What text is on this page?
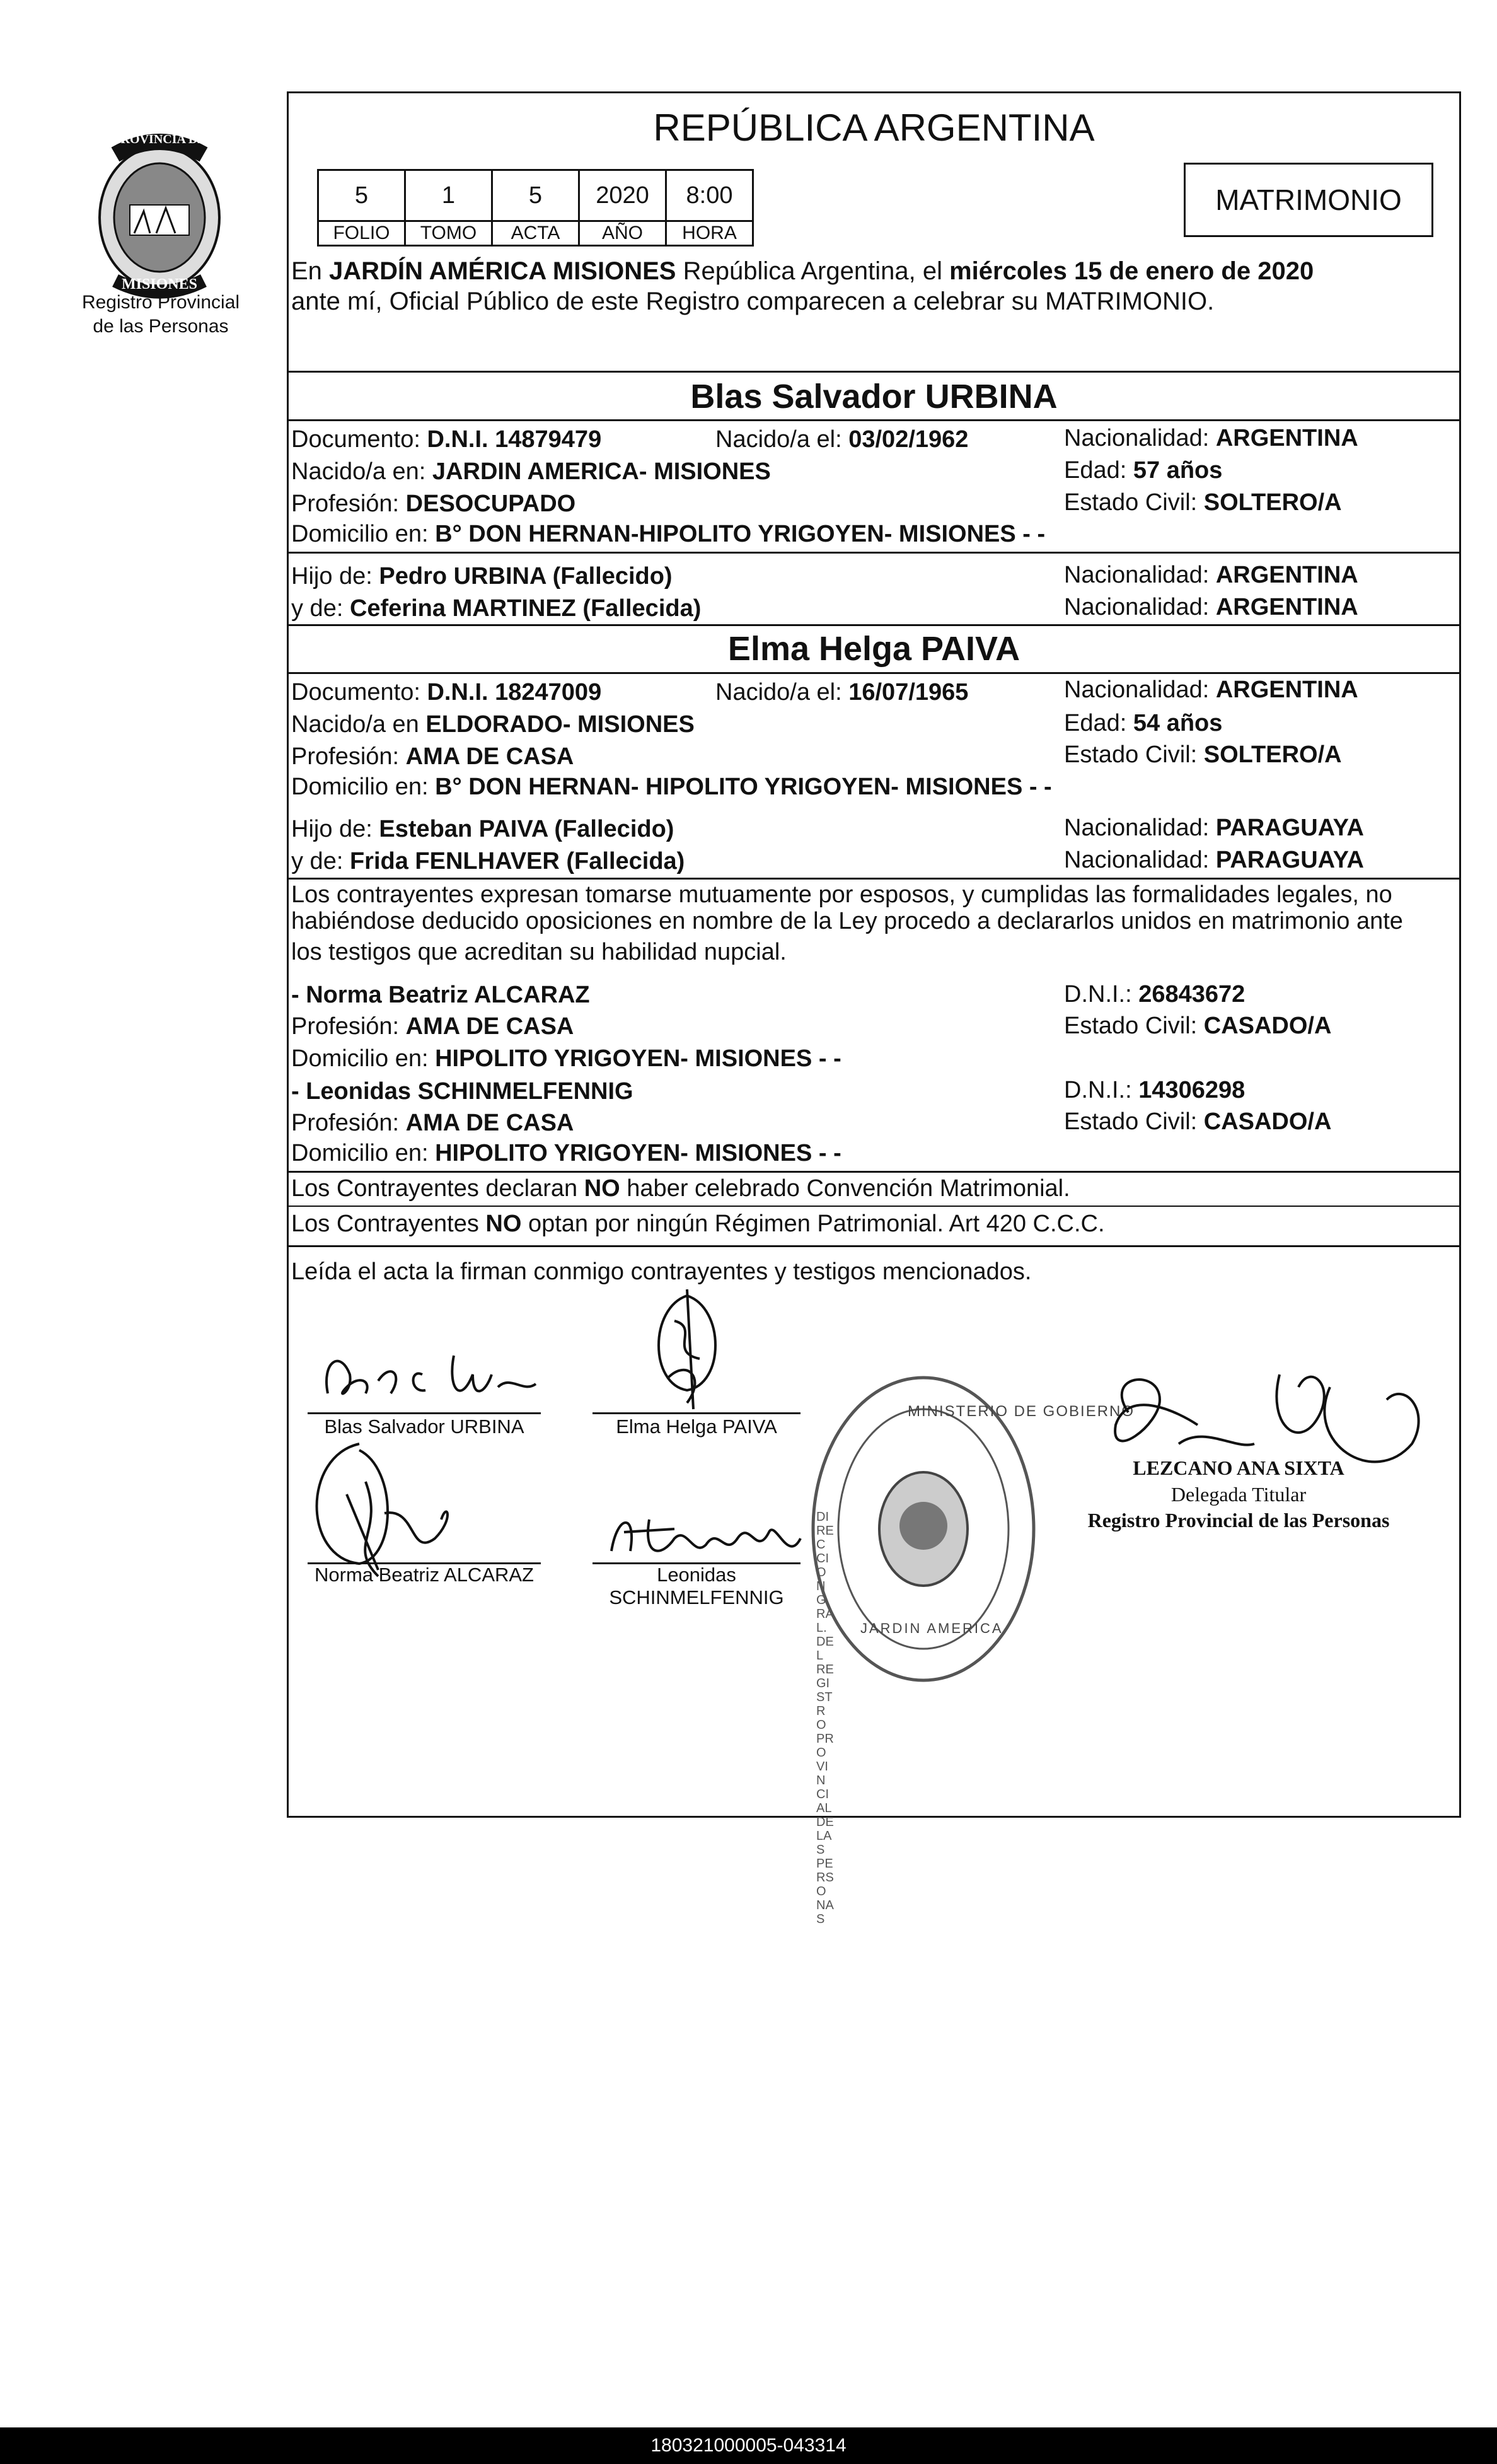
PROVINCIA DE
MISIONES
Registro Provincial
de las Personas
REPÚBLICA ARGENTINA
5	1	5	2020	8:00
FOLIO	TOMO	ACTA	AÑO	HORA
MATRIMONIO
En JARDÍN AMÉRICA MISIONES República Argentina, el miércoles 15 de enero de 2020
ante mí, Oficial Público de este Registro comparecen a celebrar su MATRIMONIO.
Blas Salvador URBINA
Documento: D.N.I. 14879479	Nacido/a el: 03/02/1962	Nacionalidad: ARGENTINA
Nacido/a en: JARDIN AMERICA- MISIONES	Edad: 57 años
Profesión: DESOCUPADO	Estado Civil: SOLTERO/A
Domicilio en: B° DON HERNAN-HIPOLITO YRIGOYEN- MISIONES - -
Hijo de: Pedro URBINA (Fallecido)	Nacionalidad: ARGENTINA
y de: Ceferina MARTINEZ (Fallecida)	Nacionalidad: ARGENTINA
Elma Helga PAIVA
Documento: D.N.I. 18247009	Nacido/a el: 16/07/1965	Nacionalidad: ARGENTINA
Nacido/a en ELDORADO- MISIONES	Edad: 54 años
Profesión: AMA DE CASA	Estado Civil: SOLTERO/A
Domicilio en: B° DON HERNAN- HIPOLITO YRIGOYEN- MISIONES - -
Hijo de: Esteban PAIVA (Fallecido)	Nacionalidad: PARAGUAYA
y de: Frida FENLHAVER (Fallecida)	Nacionalidad: PARAGUAYA
Los contrayentes expresan tomarse mutuamente por esposos, y cumplidas las formalidades legales, no
habiéndose deducido oposiciones en nombre de la Ley procedo a declararlos unidos en matrimonio ante
los testigos que acreditan su habilidad nupcial.
- Norma Beatriz ALCARAZ	D.N.I.: 26843672
Profesión: AMA DE CASA	Estado Civil: CASADO/A
Domicilio en: HIPOLITO YRIGOYEN- MISIONES - -
- Leonidas SCHINMELFENNIG	D.N.I.: 14306298
Profesión: AMA DE CASA	Estado Civil: CASADO/A
Domicilio en: HIPOLITO YRIGOYEN- MISIONES - -
Los Contrayentes declaran NO haber celebrado Convención Matrimonial.
Los Contrayentes NO optan por ningún Régimen Patrimonial. Art 420 C.C.C.
Leída el acta la firman conmigo contrayentes y testigos mencionados.
Blas Salvador URBINA	Elma Helga PAIVA
Norma Beatriz ALCARAZ	Leonidas
SCHINMELFENNIG
DIRECCION GRAL. DEL REGISTRO PROVINCIAL DE LAS PERSONAS
MINISTERIO DE GOBIERNO
JARDIN AMERICA
LEZCANO ANA SIXTA
Delegada Titular
Registro Provincial de las Personas
180321000005-043314
